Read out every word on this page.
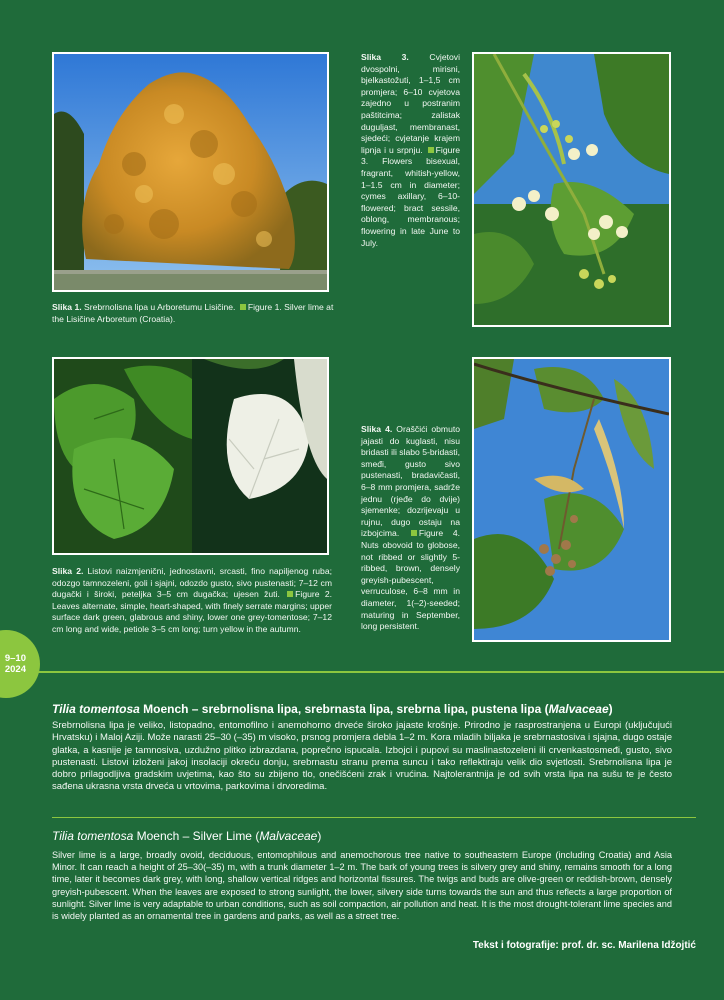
Slika 1. Srebrnolisna lipa u Arboretumu Lisičine. Figure 1. Silver lime at the Lisičine Arboretum (Croatia).
Slika 3. Cvjetovi dvospolni, mirisni, bjelkastožuti, 1–1,5 cm promjera; 6–10 cvjetova zajedno u postranim paštitcima; zalistak duguljast, membranast, sjedeći; cvjetanje krajem lipnja i u srpnju. Figure 3. Flowers bisexual, fragrant, whitish-yellow, 1–1.5 cm in diameter; cymes axillary, 6–10-flowered; bract sessile, oblong, membranous; flowering in late June to July.
Slika 2. Listovi naizmjenični, jednostavni, srcasti, fino napiljenog ruba; odozgo tamnozeleni, goli i sjajni, odozdo gusto, sivo pustenasti; 7–12 cm dugački i široki, peteljka 3–5 cm dugačka; ujesen žuti. Figure 2. Leaves alternate, simple, heart-shaped, with finely serrate margins; upper surface dark green, glabrous and shiny, lower one grey-tomentose; 7–12 cm long and wide, petiole 3–5 cm long; turn yellow in the autumn.
Slika 4. Oraščići obmuto jajasti do kuglasti, nisu bridasti ili slabo 5-bridasti, smeđi, gusto sivo pustenasti, bradavičasti, 6–8 mm promjera, sadrže jednu (rjeđe do dvije) sjemenke; dozrijevaju u rujnu, dugo ostaju na izbojcima. Figure 4. Nuts obovoid to globose, not ribbed or slightly 5-ribbed, brown, densely greyish-pubescent, verruculose, 6–8 mm in diameter, 1(–2)-seeded; maturing in September, long persistent.
9–10
2024
Tilia tomentosa Moench – srebrnolisna lipa, srebrnasta lipa, srebrna lipa, pustena lipa (Malvaceae)
Srebrnolisna lipa je veliko, listopadno, entomofilno i anemohorno drveće široko jajaste krošnje. Prirodno je rasprostranjena u Europi (uključujući Hrvatsku) i Maloj Aziji. Može narasti 25–30 (–35) m visoko, prsnog promjera debla 1–2 m. Kora mladih biljaka je srebrnastosiva i sjajna, dugo ostaje glatka, a kasnije je tamnosiva, uzdužno plitko izbrazdana, poprečno ispucala. Izbojci i pupovi su maslinastozeleni ili crvenkastosmeđi, gusto, sivo pustenasti. Listovi izloženi jakoj insolaciji okreću donju, srebrnastu stranu prema suncu i tako reflektiraju velik dio svjetlosti. Srebrnolisna lipa je dobro prilagodljiva gradskim uvjetima, kao što su zbijeno tlo, onečišćeni zrak i vrućina. Najtolerantnija je od svih vrsta lipa na sušu te je često sađena ukrasna vrsta drveća u vrtovima, parkovima i drvoredima.
Tilia tomentosa Moench – Silver Lime (Malvaceae)
Silver lime is a large, broadly ovoid, deciduous, entomophilous and anemochorous tree native to southeastern Europe (including Croatia) and Asia Minor. It can reach a height of 25–30(–35) m, with a trunk diameter 1–2 m. The bark of young trees is silvery grey and shiny, remains smooth for a long time, later it becomes dark grey, with long, shallow vertical ridges and horizontal fissures. The twigs and buds are olive-green or reddish-brown, densely greyish-pubescent. When the leaves are exposed to strong sunlight, the lower, silvery side turns towards the sun and thus reflects a large proportion of sunlight. Silver lime is very adaptable to urban conditions, such as soil compaction, air pollution and heat. It is the most drought-tolerant lime species and is widely planted as an ornamental tree in gardens and parks, as well as a street tree.
Tekst i fotografije: prof. dr. sc. Marilena Idžojtić
